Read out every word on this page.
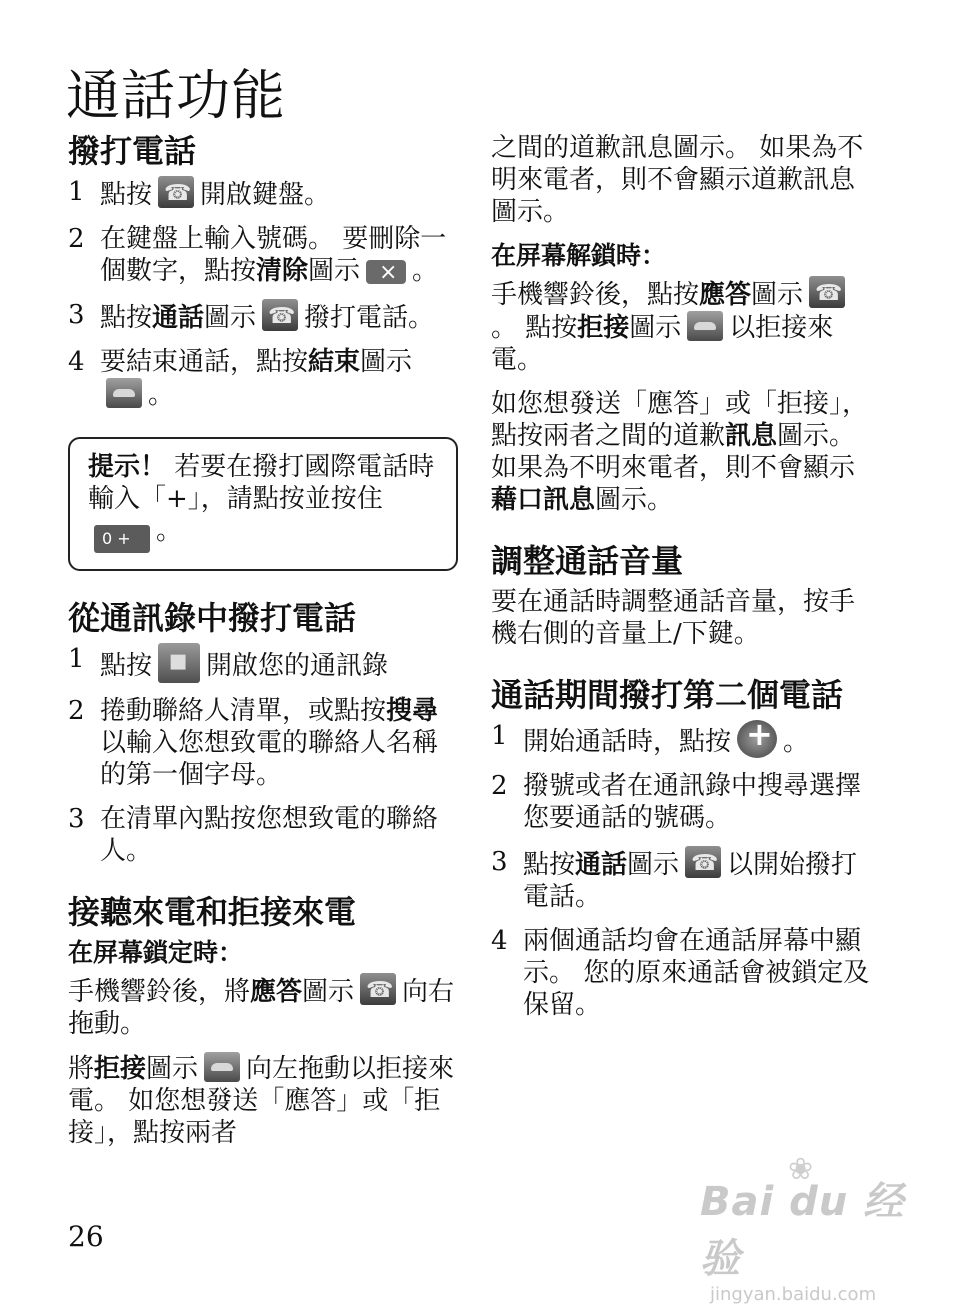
通話功能
撥打電話
1 點按 ☎ 開啟鍵盤。
2 在鍵盤上輸入號碼。 要刪除一個數字，點按清除圖示× 。
3 點按通話圖示 ☎ 撥打電話。
4 要結束通話，點按結束圖示。
提示！ 若要在撥打國際電話時輸入「+」，請點按並按住0 + 。
從通訊錄中撥打電話
1 點按 ▪ 開啟您的通訊錄
2 捲動聯絡人清單，或點按搜尋以輸入您想致電的聯絡人名稱的第一個字母。
3 在清單內點按您想致電的聯絡人。
接聽來電和拒接來電
在屏幕鎖定時：

手機響鈴後，將應答圖示 ☎ 向右拖動。

將拒接圖示 向左拖動以拒接來電。 如您想發送「應答」或「拒接」，點按兩者

之間的道歉訊息圖示。 如果為不明來電者，則不會顯示道歉訊息圖示。

在屏幕解鎖時：

手機響鈴後，點按應答圖示☎。 點按拒接圖示 以拒接來電。

如您想發送「應答」或「拒接」，點按兩者之間的道歉訊息圖示。 如果為不明來電者，則不會顯示藉口訊息圖示。

調整通話音量

要在通話時調整通話音量，按手機右側的音量上/下鍵。

通話期間撥打第二個電話
1 開始通話時，點按 + 。
2 撥號或者在通訊錄中搜尋選擇您要通話的號碼。
3 點按通話圖示 ☎ 以開始撥打電話。
4 兩個通話均會在通話屏幕中顯示。 您的原來通話會被鎖定及保留。
26
❀
Bai du 经验
jingyan.baidu.com
